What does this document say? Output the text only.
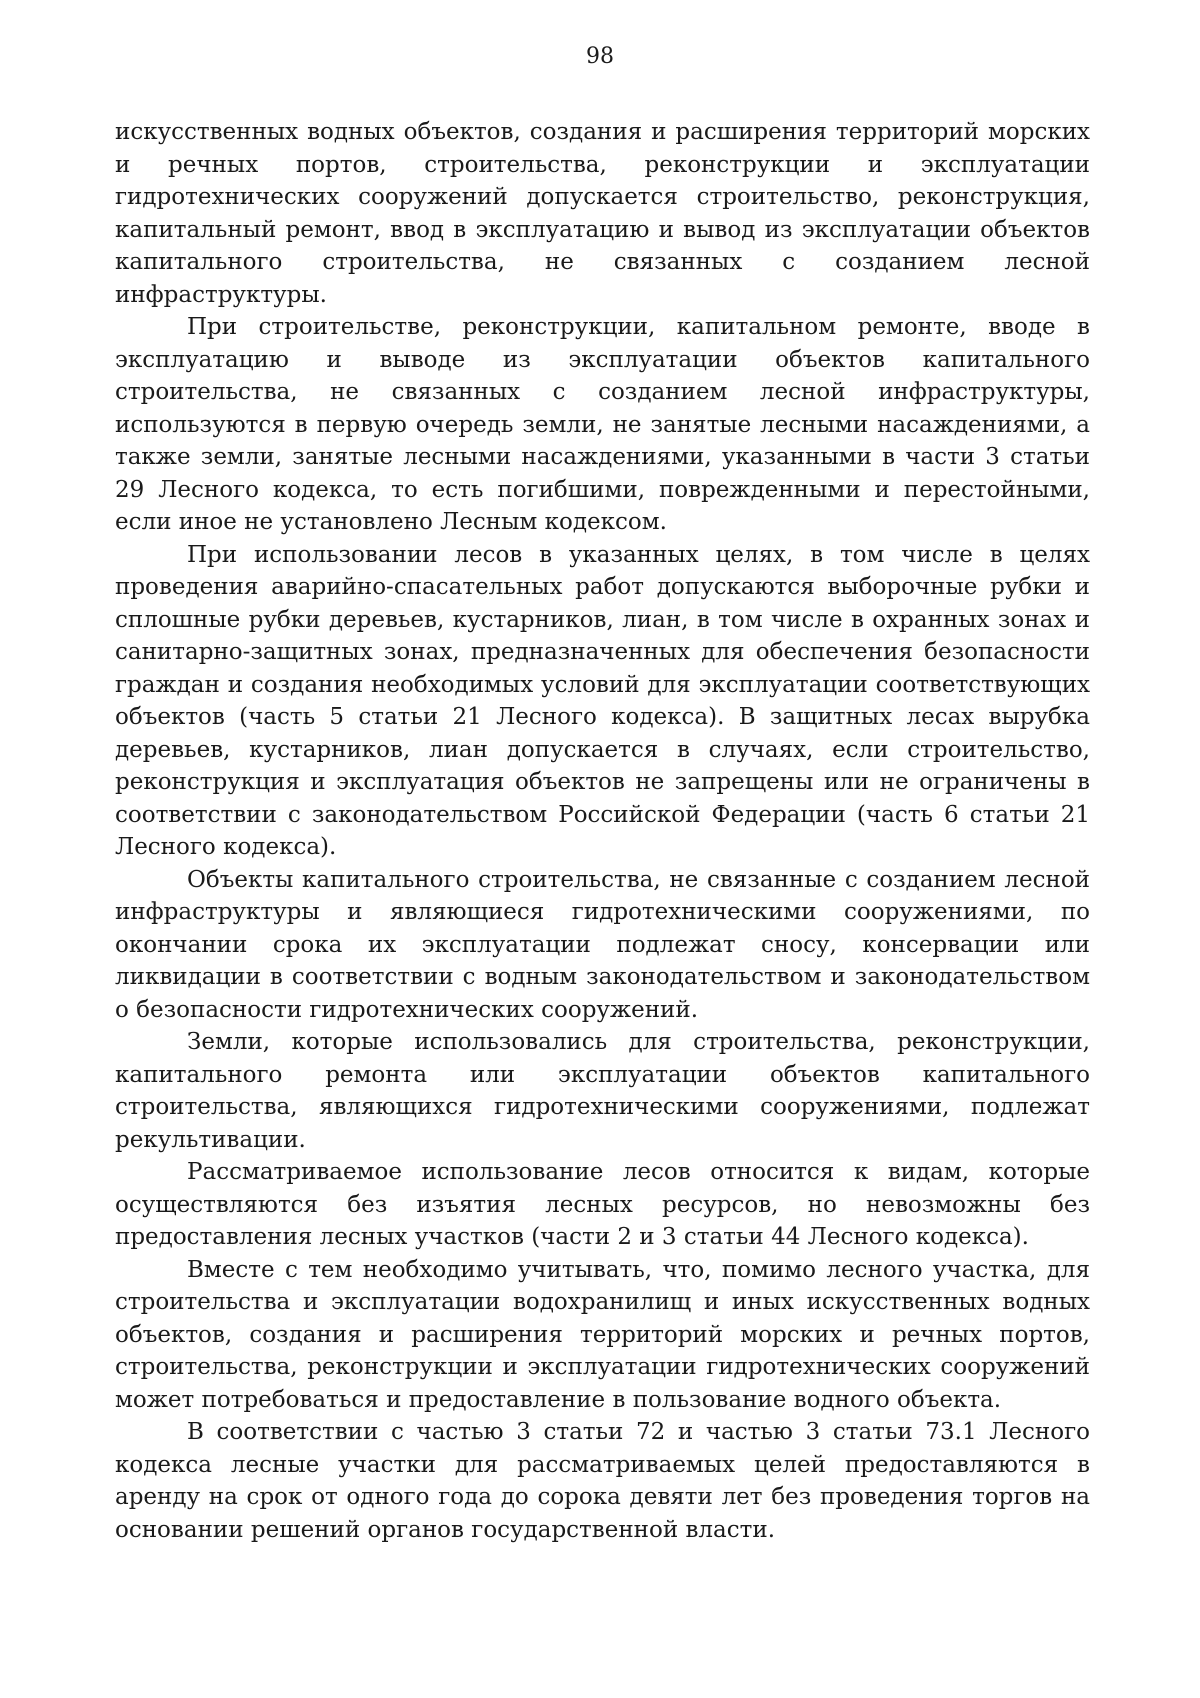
98

искусственных водных объектов, создания и расширения территорий морских и речных портов, строительства, реконструкции и эксплуатации гидротехнических сооружений допускается строительство, реконструкция, капитальный ремонт, ввод в эксплуатацию и вывод из эксплуатации объектов капитального строительства, не связанных с созданием лесной инфраструктуры.

При строительстве, реконструкции, капитальном ремонте, вводе в эксплуатацию и выводе из эксплуатации объектов капитального строительства, не связанных с созданием лесной инфраструктуры, используются в первую очередь земли, не занятые лесными насаждениями, а также земли, занятые лесными насаждениями, указанными в части 3 статьи 29 Лесного кодекса, то есть погибшими, поврежденными и перестойными, если иное не установлено Лесным кодексом.

При использовании лесов в указанных целях, в том числе в целях проведения аварийно-спасательных работ допускаются выборочные рубки и сплошные рубки деревьев, кустарников, лиан, в том числе в охранных зонах и санитарно-защитных зонах, предназначенных для обеспечения безопасности граждан и создания необходимых условий для эксплуатации соответствующих объектов (часть 5 статьи 21 Лесного кодекса). В защитных лесах вырубка деревьев, кустарников, лиан допускается в случаях, если строительство, реконструкция и эксплуатация объектов не запрещены или не ограничены в соответствии с законодательством Российской Федерации (часть 6 статьи 21 Лесного кодекса).

Объекты капитального строительства, не связанные с созданием лесной инфраструктуры и являющиеся гидротехническими сооружениями, по окончании срока их эксплуатации подлежат сносу, консервации или ликвидации в соответствии с водным законодательством и законодательством о безопасности гидротехнических сооружений.

Земли, которые использовались для строительства, реконструкции, капитального ремонта или эксплуатации объектов капитального строительства, являющихся гидротехническими сооружениями, подлежат рекультивации.

Рассматриваемое использование лесов относится к видам, которые осуществляются без изъятия лесных ресурсов, но невозможны без предоставления лесных участков (части 2 и 3 статьи 44 Лесного кодекса).

Вместе с тем необходимо учитывать, что, помимо лесного участка, для строительства и эксплуатации водохранилищ и иных искусственных водных объектов, создания и расширения территорий морских и речных портов, строительства, реконструкции и эксплуатации гидротехнических сооружений может потребоваться и предоставление в пользование водного объекта.

В соответствии с частью 3 статьи 72 и частью 3 статьи 73.1 Лесного кодекса лесные участки для рассматриваемых целей предоставляются в аренду на срок от одного года до сорока девяти лет без проведения торгов на основании решений органов государственной власти.
